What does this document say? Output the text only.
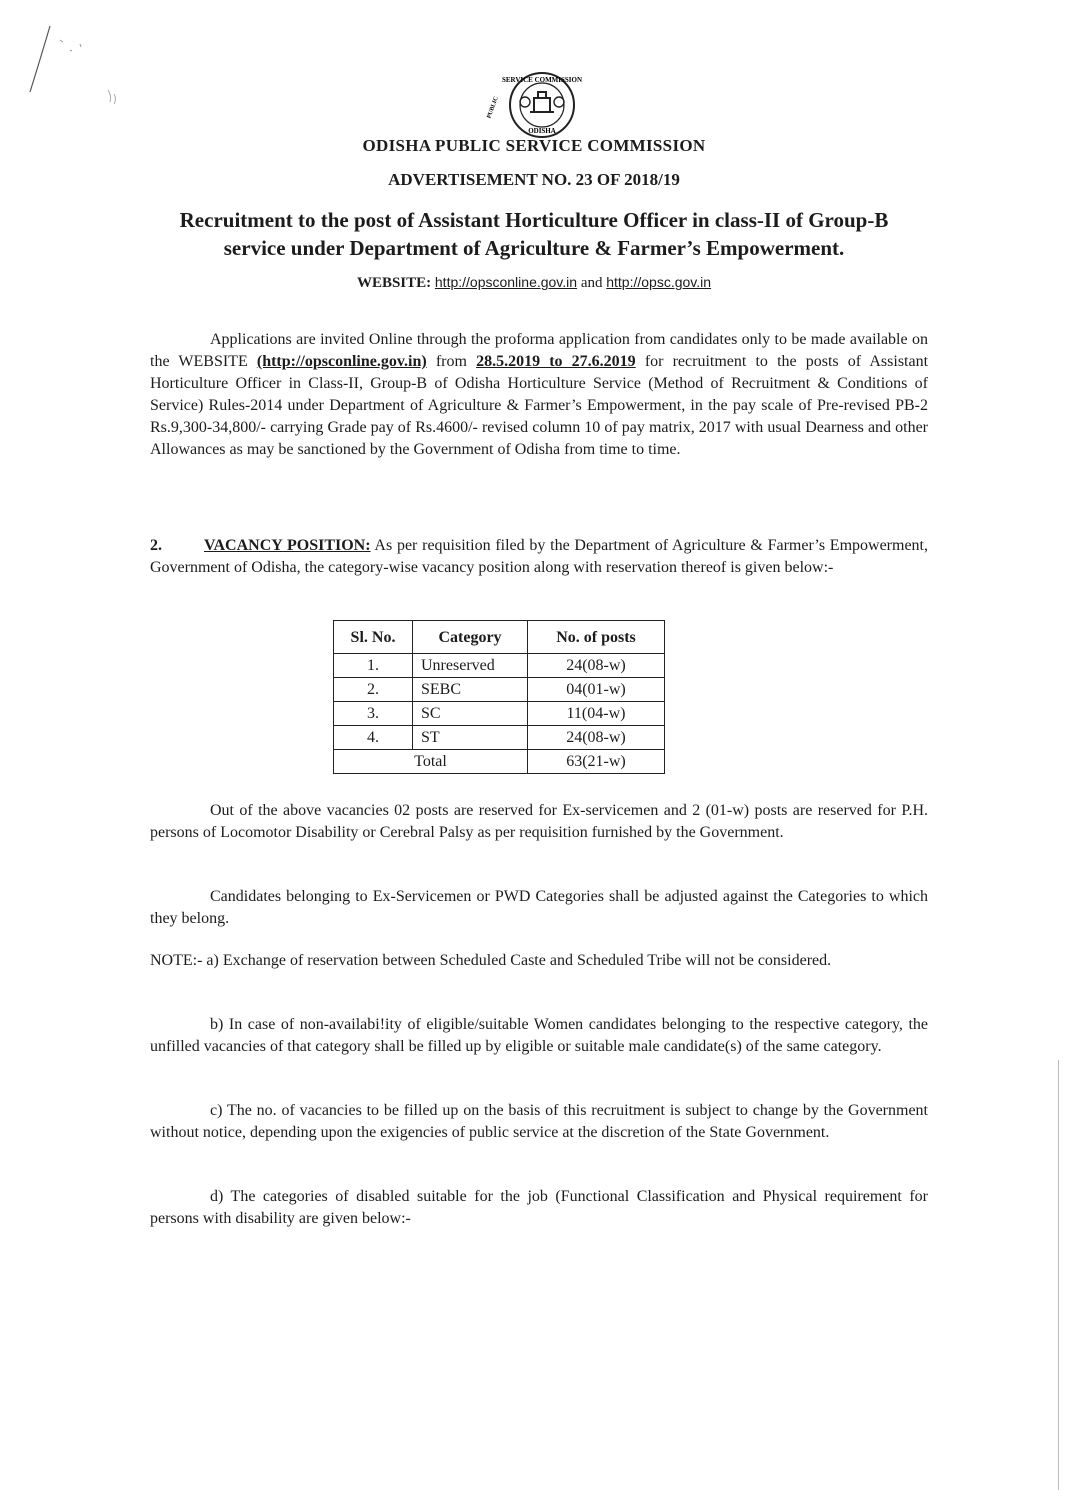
SERVICE COMMISSION
ODISHA
PUBLIC
ODISHA PUBLIC SERVICE COMMISSION
ADVERTISEMENT NO. 23 OF 2018/19
Recruitment to the post of Assistant Horticulture Officer in class-II of Group-B
service under Department of Agriculture & Farmer’s Empowerment.
WEBSITE: http://opsconline.gov.in and http://opsc.gov.in
Applications are invited Online through the proforma application from candidates only to be made available on the WEBSITE (http://opsconline.gov.in) from 28.5.2019 to 27.6.2019 for recruitment to the posts of Assistant Horticulture Officer in Class-II, Group-B of Odisha Horticulture Service (Method of Recruitment & Conditions of Service) Rules-2014 under Department of Agriculture & Farmer’s Empowerment, in the pay scale of Pre-revised PB-2 Rs.9,300-34,800/- carrying Grade pay of Rs.4600/- revised column 10 of pay matrix, 2017 with usual Dearness and other Allowances as may be sanctioned by the Government of Odisha from time to time.
2.	VACANCY POSITION: As per requisition filed by the Department of Agriculture & Farmer’s Empowerment, Government of Odisha, the category-wise vacancy position along with reservation thereof is given below:-
Sl. No.	Category	No. of posts
1.	Unreserved	24(08-w)
2.	SEBC	04(01-w)
3.	SC	11(04-w)
4.	ST	24(08-w)
Total		63(21-w)
Out of the above vacancies 02 posts are reserved for Ex-servicemen and 2 (01-w) posts are reserved for P.H. persons of Locomotor Disability or Cerebral Palsy as per requisition furnished by the Government.
Candidates belonging to Ex-Servicemen or PWD Categories shall be adjusted against the Categories to which they belong.
NOTE:- a) Exchange of reservation between Scheduled Caste and Scheduled Tribe will not be considered.
b) In case of non-availabi!ity of eligible/suitable Women candidates belonging to the respective category, the unfilled vacancies of that category shall be filled up by eligible or suitable male candidate(s) of the same category.
c) The no. of vacancies to be filled up on the basis of this recruitment is subject to change by the Government without notice, depending upon the exigencies of public service at the discretion of the State Government.
d) The categories of disabled suitable for the job (Functional Classification and Physical requirement for persons with disability are given below:-
